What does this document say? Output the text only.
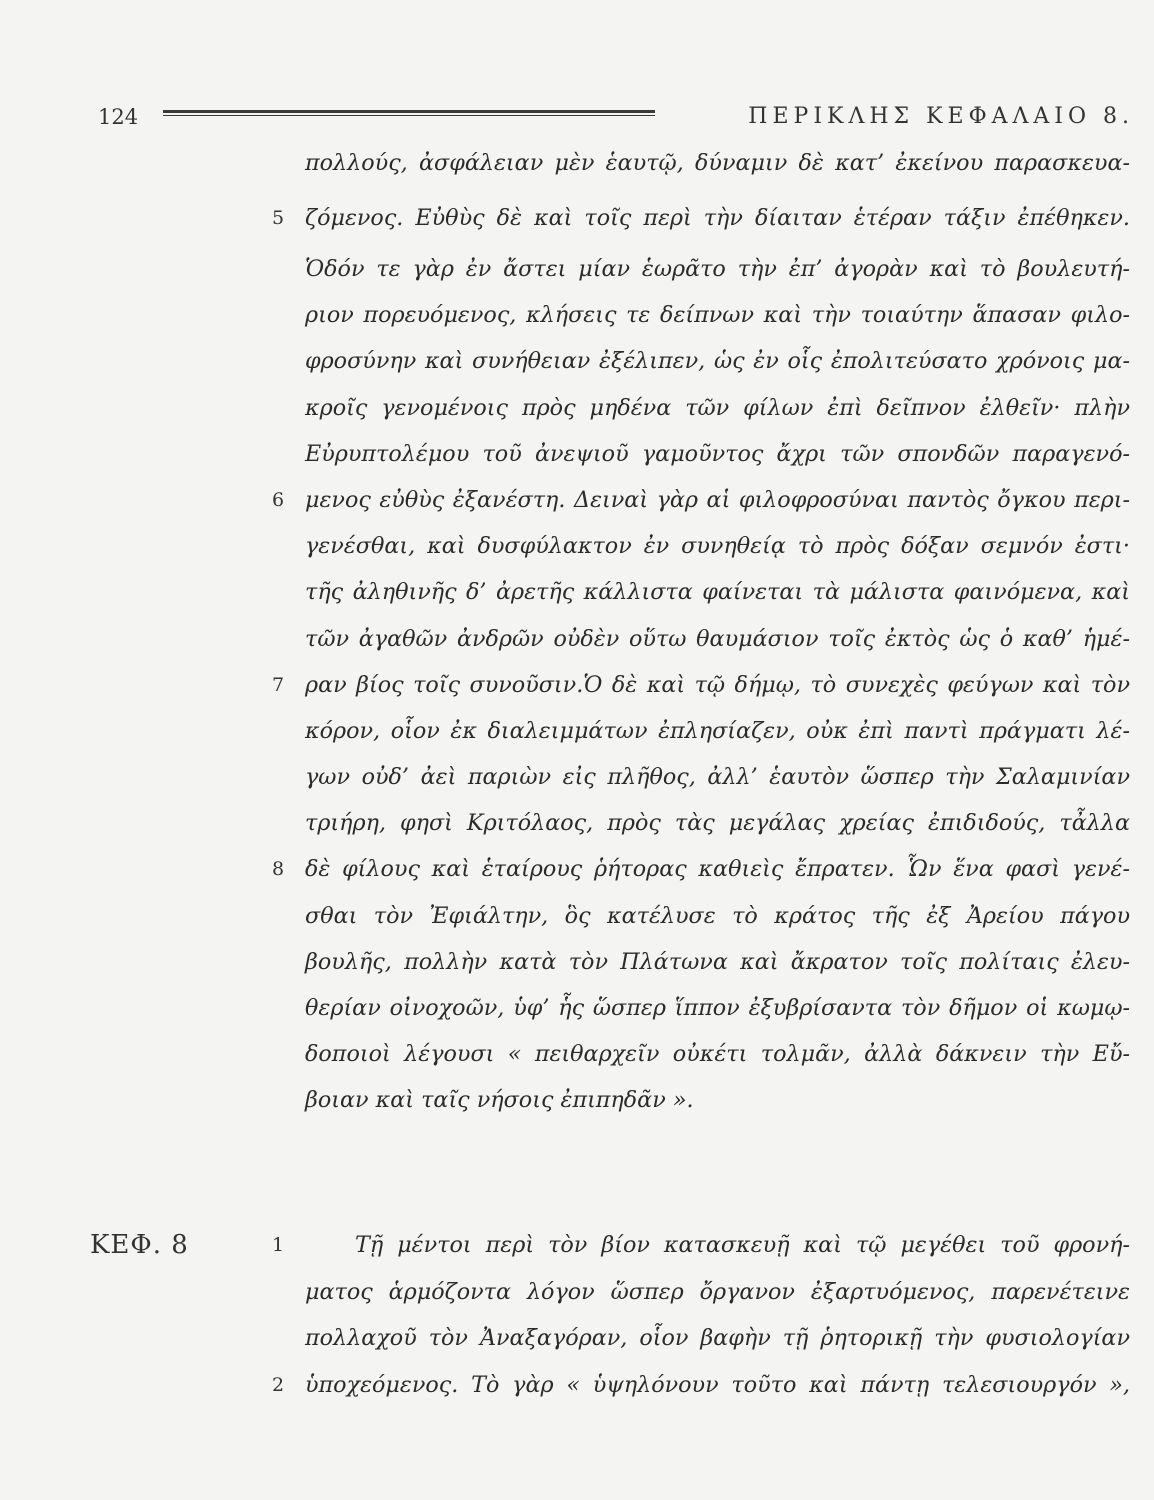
124	ΠΕΡΙΚΛΗΣ ΚΕΦΑΛΑΙΟ 8.
πολλούς, ἀσφάλειαν μὲν ἑαυτῷ, δύναμιν δὲ κατ’ ἐκείνου παρασκευα-
5 ζόμενος. Εὐθὺς δὲ καὶ τοῖς περὶ τὴν δίαιταν ἑτέραν τάξιν ἐπέθηκεν.
Ὁδόν τε γὰρ ἐν ἄστει μίαν ἑωρᾶτο τὴν ἐπ’ ἀγορὰν καὶ τὸ βουλευτή-
ριον πορευόμενος, κλήσεις τε δείπνων καὶ τὴν τοιαύτην ἅπασαν φιλο-
φροσύνην καὶ συνήθειαν ἐξέλιπεν, ὡς ἐν οἷς ἐπολιτεύσατο χρόνοις μα-
κροῖς γενομένοις πρὸς μηδένα τῶν φίλων ἐπὶ δεῖπνον ἐλθεῖν· πλὴν
Εὐρυπτολέμου τοῦ ἀνεψιοῦ γαμοῦντος ἄχρι τῶν σπονδῶν παραγενό-
6 μενος εὐθὺς ἐξανέστη. Δειναὶ γὰρ αἱ φιλοφροσύναι παντὸς ὄγκου περι-
γενέσθαι, καὶ δυσφύλακτον ἐν συνηθείᾳ τὸ πρὸς δόξαν σεμνόν ἐστι·
τῆς ἀληθινῆς δ’ ἀρετῆς κάλλιστα φαίνεται τὰ μάλιστα φαινόμενα, καὶ
τῶν ἀγαθῶν ἀνδρῶν οὐδὲν οὕτω θαυμάσιον τοῖς ἐκτὸς ὡς ὁ καθ’ ἡμέ-
7 ραν βίος τοῖς συνοῦσιν.Ὁ δὲ καὶ τῷ δήμῳ, τὸ συνεχὲς φεύγων καὶ τὸν
κόρον, οἷον ἐκ διαλειμμάτων ἐπλησίαζεν, οὐκ ἐπὶ παντὶ πράγματι λέ-
γων οὐδ’ ἀεὶ παριὼν εἰς πλῆθος, ἀλλ’ ἑαυτὸν ὥσπερ τὴν Σαλαμινίαν
τριήρη, φησὶ Κριτόλαος, πρὸς τὰς μεγάλας χρείας ἐπιδιδούς, τἆλλα
8 δὲ φίλους καὶ ἑταίρους ῥήτορας καθιεὶς ἔπρατεν. Ὧν ἕνα φασὶ γενέ-
σθαι τὸν Ἐφιάλτην, ὃς κατέλυσε τὸ κράτος τῆς ἐξ Ἀρείου πάγου
βουλῆς, πολλὴν κατὰ τὸν Πλάτωνα καὶ ἄκρατον τοῖς πολίταις ἐλευ-
θερίαν οἰνοχοῶν, ὑφ’ ἧς ὥσπερ ἵππον ἐξυβρίσαντα τὸν δῆμον οἱ κωμῳ-
δοποιοὶ λέγουσι « πειθαρχεῖν οὐκέτι τολμᾶν, ἀλλὰ δάκνειν τὴν Εὔ-
βοιαν καὶ ταῖς νήσοις ἐπιπηδᾶν ».
ΚΕΦ. 8	1	Τῇ μέντοι περὶ τὸν βίον κατασκευῇ καὶ τῷ μεγέθει τοῦ φρονή-
ματος ἁρμόζοντα λόγον ὥσπερ ὄργανον ἐξαρτυόμενος, παρενέτεινε
πολλαχοῦ τὸν Ἀναξαγόραν, οἷον βαφὴν τῇ ῥητορικῇ τὴν φυσιολογίαν
2 ὑποχεόμενος. Τὸ γὰρ « ὑψηλόνουν τοῦτο καὶ πάντῃ τελεσιουργόν »,
